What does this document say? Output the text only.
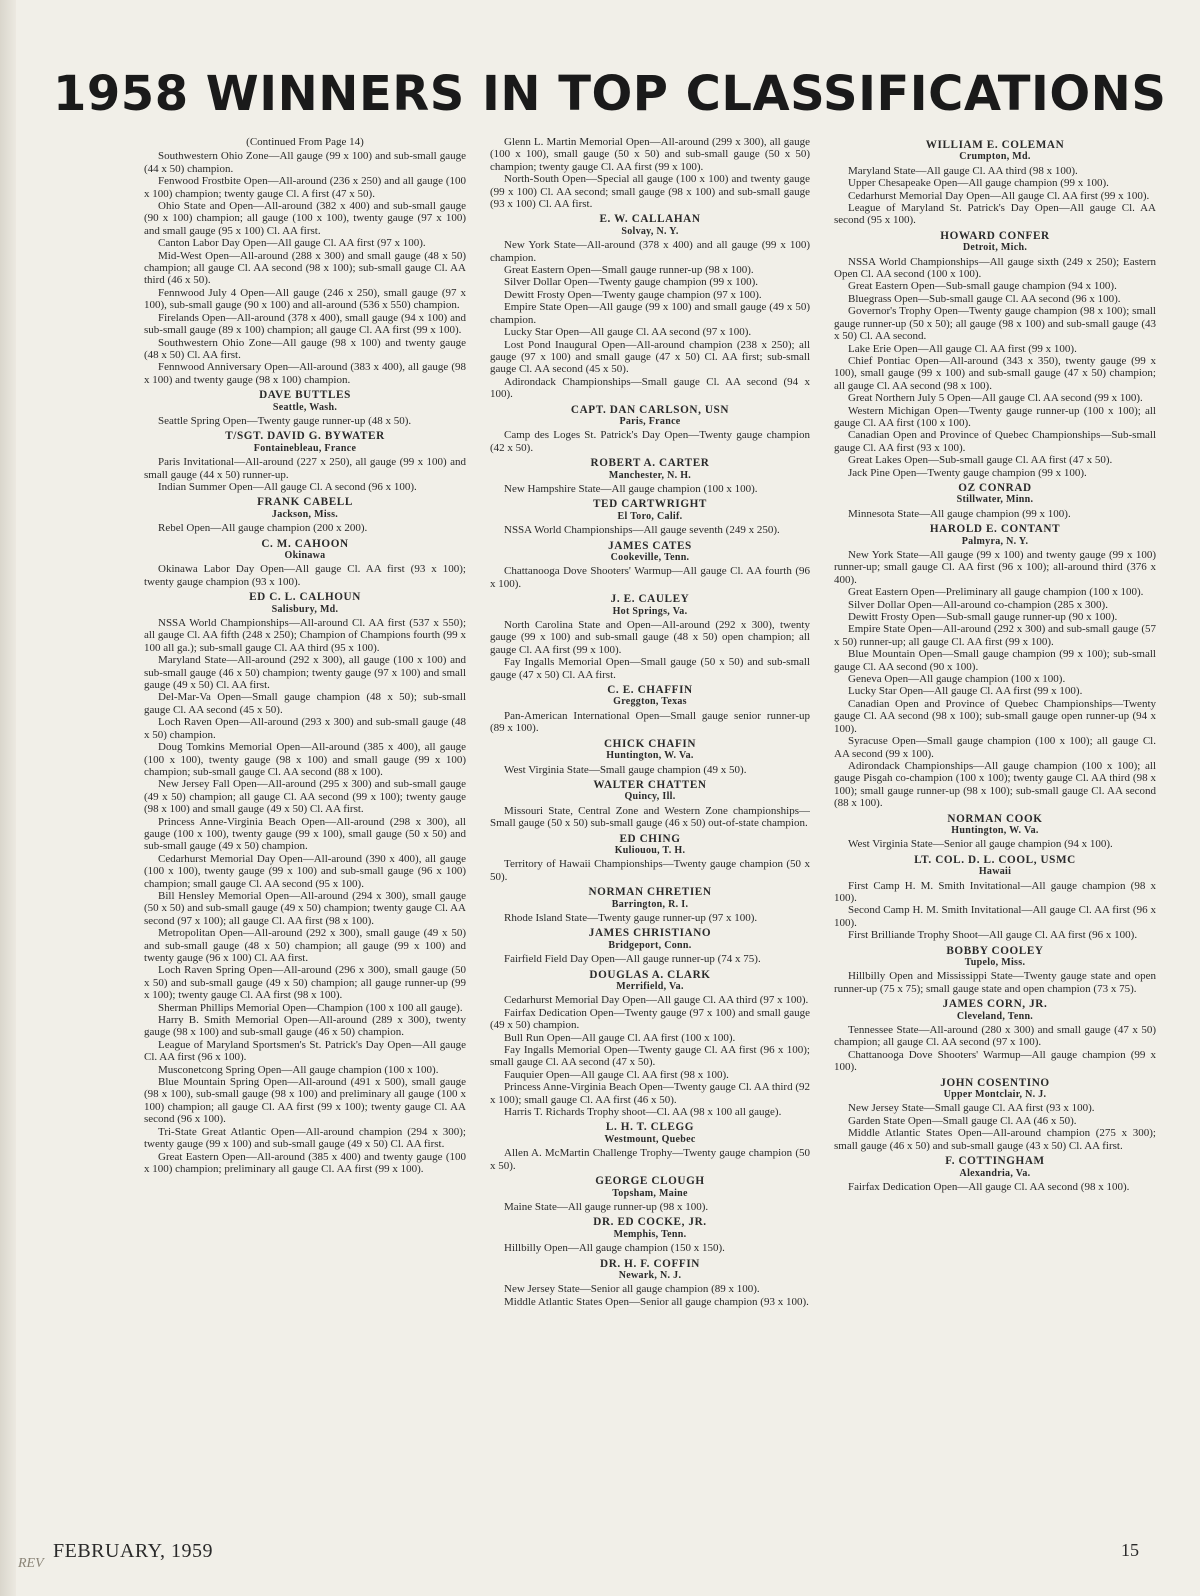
1958 WINNERS IN TOP CLASSIFICATIONS

(Continued From Page 14)

Southwestern Ohio Zone—All gauge (99 x 100) and sub-small gauge (44 x 50) champion.

Fenwood Frostbite Open—All-around (236 x 250) and all gauge (100 x 100) champion; twenty gauge Cl. A first (47 x 50).

Ohio State and Open—All-around (382 x 400) and sub-small gauge (90 x 100) champion; all gauge (100 x 100), twenty gauge (97 x 100) and small gauge (95 x 100) Cl. AA first.

Canton Labor Day Open—All gauge Cl. AA first (97 x 100).

Mid-West Open—All-around (288 x 300) and small gauge (48 x 50) champion; all gauge Cl. AA second (98 x 100); sub-small gauge Cl. AA third (46 x 50).

Fennwood July 4 Open—All gauge (246 x 250), small gauge (97 x 100), sub-small gauge (90 x 100) and all-around (536 x 550) champion.

Firelands Open—All-around (378 x 400), small gauge (94 x 100) and sub-small gauge (89 x 100) champion; all gauge Cl. AA first (99 x 100).

Southwestern Ohio Zone—All gauge (98 x 100) and twenty gauge (48 x 50) Cl. AA first.

Fennwood Anniversary Open—All-around (383 x 400), all gauge (98 x 100) and twenty gauge (98 x 100) champion.

DAVE BUTTLES

Seattle, Wash.

Seattle Spring Open—Twenty gauge runner-up (48 x 50).

T/SGT. DAVID G. BYWATER

Fontainebleau, France

Paris Invitational—All-around (227 x 250), all gauge (99 x 100) and small gauge (44 x 50) runner-up.

Indian Summer Open—All gauge Cl. A second (96 x 100).

FRANK CABELL

Jackson, Miss.

Rebel Open—All gauge champion (200 x 200).

C. M. CAHOON

Okinawa

Okinawa Labor Day Open—All gauge Cl. AA first (93 x 100); twenty gauge champion (93 x 100).

ED C. L. CALHOUN

Salisbury, Md.

NSSA World Championships—All-around Cl. AA first (537 x 550); all gauge Cl. AA fifth (248 x 250); Champion of Champions fourth (99 x 100 all ga.); sub-small gauge Cl. AA third (95 x 100).

Maryland State—All-around (292 x 300), all gauge (100 x 100) and sub-small gauge (46 x 50) champion; twenty gauge (97 x 100) and small gauge (49 x 50) Cl. AA first.

Del-Mar-Va Open—Small gauge champion (48 x 50); sub-small gauge Cl. AA second (45 x 50).

Loch Raven Open—All-around (293 x 300) and sub-small gauge (48 x 50) champion.

Doug Tomkins Memorial Open—All-around (385 x 400), all gauge (100 x 100), twenty gauge (98 x 100) and small gauge (99 x 100) champion; sub-small gauge Cl. AA second (88 x 100).

New Jersey Fall Open—All-around (295 x 300) and sub-small gauge (49 x 50) champion; all gauge Cl. AA second (99 x 100); twenty gauge (98 x 100) and small gauge (49 x 50) Cl. AA first.

Princess Anne-Virginia Beach Open—All-around (298 x 300), all gauge (100 x 100), twenty gauge (99 x 100), small gauge (50 x 50) and sub-small gauge (49 x 50) champion.

Cedarhurst Memorial Day Open—All-around (390 x 400), all gauge (100 x 100), twenty gauge (99 x 100) and sub-small gauge (96 x 100) champion; small gauge Cl. AA second (95 x 100).

Bill Hensley Memorial Open—All-around (294 x 300), small gauge (50 x 50) and sub-small gauge (49 x 50) champion; twenty gauge Cl. AA second (97 x 100); all gauge Cl. AA first (98 x 100).

Metropolitan Open—All-around (292 x 300), small gauge (49 x 50) and sub-small gauge (48 x 50) champion; all gauge (99 x 100) and twenty gauge (96 x 100) Cl. AA first.

Loch Raven Spring Open—All-around (296 x 300), small gauge (50 x 50) and sub-small gauge (49 x 50) champion; all gauge runner-up (99 x 100); twenty gauge Cl. AA first (98 x 100).

Sherman Phillips Memorial Open—Champion (100 x 100 all gauge).

Harry B. Smith Memorial Open—All-around (289 x 300), twenty gauge (98 x 100) and sub-small gauge (46 x 50) champion.

League of Maryland Sportsmen's St. Patrick's Day Open—All gauge Cl. AA first (96 x 100).

Musconetcong Spring Open—All gauge champion (100 x 100).

Blue Mountain Spring Open—All-around (491 x 500), small gauge (98 x 100), sub-small gauge (98 x 100) and preliminary all gauge (100 x 100) champion; all gauge Cl. AA first (99 x 100); twenty gauge Cl. AA second (96 x 100).

Tri-State Great Atlantic Open—All-around champion (294 x 300); twenty gauge (99 x 100) and sub-small gauge (49 x 50) Cl. AA first.

Great Eastern Open—All-around (385 x 400) and twenty gauge (100 x 100) champion; preliminary all gauge Cl. AA first (99 x 100).

Glenn L. Martin Memorial Open—All-around (299 x 300), all gauge (100 x 100), small gauge (50 x 50) and sub-small gauge (50 x 50) champion; twenty gauge Cl. AA first (99 x 100).

North-South Open—Special all gauge (100 x 100) and twenty gauge (99 x 100) Cl. AA second; small gauge (98 x 100) and sub-small gauge (93 x 100) Cl. AA first.

E. W. CALLAHAN

Solvay, N. Y.

New York State—All-around (378 x 400) and all gauge (99 x 100) champion.

Great Eastern Open—Small gauge runner-up (98 x 100).

Silver Dollar Open—Twenty gauge champion (99 x 100).

Dewitt Frosty Open—Twenty gauge champion (97 x 100).

Empire State Open—All gauge (99 x 100) and small gauge (49 x 50) champion.

Lucky Star Open—All gauge Cl. AA second (97 x 100).

Lost Pond Inaugural Open—All-around champion (238 x 250); all gauge (97 x 100) and small gauge (47 x 50) Cl. AA first; sub-small gauge Cl. AA second (45 x 50).

Adirondack Championships—Small gauge Cl. AA second (94 x 100).

CAPT. DAN CARLSON, USN

Paris, France

Camp des Loges St. Patrick's Day Open—Twenty gauge champion (42 x 50).

ROBERT A. CARTER

Manchester, N. H.

New Hampshire State—All gauge champion (100 x 100).

TED CARTWRIGHT

El Toro, Calif.

NSSA World Championships—All gauge seventh (249 x 250).

JAMES CATES

Cookeville, Tenn.

Chattanooga Dove Shooters' Warmup—All gauge Cl. AA fourth (96 x 100).

J. E. CAULEY

Hot Springs, Va.

North Carolina State and Open—All-around (292 x 300), twenty gauge (99 x 100) and sub-small gauge (48 x 50) open champion; all gauge Cl. AA first (99 x 100).

Fay Ingalls Memorial Open—Small gauge (50 x 50) and sub-small gauge (47 x 50) Cl. AA first.

C. E. CHAFFIN

Greggton, Texas

Pan-American International Open—Small gauge senior runner-up (89 x 100).

CHICK CHAFIN

Huntington, W. Va.

West Virginia State—Small gauge champion (49 x 50).

WALTER CHATTEN

Quincy, Ill.

Missouri State, Central Zone and Western Zone championships—Small gauge (50 x 50) sub-small gauge (46 x 50) out-of-state champion.

ED CHING

Kuliouou, T. H.

Territory of Hawaii Championships—Twenty gauge champion (50 x 50).

NORMAN CHRETIEN

Barrington, R. I.

Rhode Island State—Twenty gauge runner-up (97 x 100).

JAMES CHRISTIANO

Bridgeport, Conn.

Fairfield Field Day Open—All gauge runner-up (74 x 75).

DOUGLAS A. CLARK

Merrifield, Va.

Cedarhurst Memorial Day Open—All gauge Cl. AA third (97 x 100).

Fairfax Dedication Open—Twenty gauge (97 x 100) and small gauge (49 x 50) champion.

Bull Run Open—All gauge Cl. AA first (100 x 100).

Fay Ingalls Memorial Open—Twenty gauge Cl. AA first (96 x 100); small gauge Cl. AA second (47 x 50).

Fauquier Open—All gauge Cl. AA first (98 x 100).

Princess Anne-Virginia Beach Open—Twenty gauge Cl. AA third (92 x 100); small gauge Cl. AA first (46 x 50).

Harris T. Richards Trophy shoot—Cl. AA (98 x 100 all gauge).

L. H. T. CLEGG

Westmount, Quebec

Allen A. McMartin Challenge Trophy—Twenty gauge champion (50 x 50).

GEORGE CLOUGH

Topsham, Maine

Maine State—All gauge runner-up (98 x 100).

DR. ED COCKE, JR.

Memphis, Tenn.

Hillbilly Open—All gauge champion (150 x 150).

DR. H. F. COFFIN

Newark, N. J.

New Jersey State—Senior all gauge champion (89 x 100).

Middle Atlantic States Open—Senior all gauge champion (93 x 100).

WILLIAM E. COLEMAN

Crumpton, Md.

Maryland State—All gauge Cl. AA third (98 x 100).

Upper Chesapeake Open—All gauge champion (99 x 100).

Cedarhurst Memorial Day Open—All gauge Cl. AA first (99 x 100).

League of Maryland St. Patrick's Day Open—All gauge Cl. AA second (95 x 100).

HOWARD CONFER

Detroit, Mich.

NSSA World Championships—All gauge sixth (249 x 250); Eastern Open Cl. AA second (100 x 100).

Great Eastern Open—Sub-small gauge champion (94 x 100).

Bluegrass Open—Sub-small gauge Cl. AA second (96 x 100).

Governor's Trophy Open—Twenty gauge champion (98 x 100); small gauge runner-up (50 x 50); all gauge (98 x 100) and sub-small gauge (43 x 50) Cl. AA second.

Lake Erie Open—All gauge Cl. AA first (99 x 100).

Chief Pontiac Open—All-around (343 x 350), twenty gauge (99 x 100), small gauge (99 x 100) and sub-small gauge (47 x 50) champion; all gauge Cl. AA second (98 x 100).

Great Northern July 5 Open—All gauge Cl. AA second (99 x 100).

Western Michigan Open—Twenty gauge runner-up (100 x 100); all gauge Cl. AA first (100 x 100).

Canadian Open and Province of Quebec Championships—Sub-small gauge Cl. AA first (93 x 100).

Great Lakes Open—Sub-small gauge Cl. AA first (47 x 50).

Jack Pine Open—Twenty gauge champion (99 x 100).

OZ CONRAD

Stillwater, Minn.

Minnesota State—All gauge champion (99 x 100).

HAROLD E. CONTANT

Palmyra, N. Y.

New York State—All gauge (99 x 100) and twenty gauge (99 x 100) runner-up; small gauge Cl. AA first (96 x 100); all-around third (376 x 400).

Great Eastern Open—Preliminary all gauge champion (100 x 100).

Silver Dollar Open—All-around co-champion (285 x 300).

Dewitt Frosty Open—Sub-small gauge runner-up (90 x 100).

Empire State Open—All-around (292 x 300) and sub-small gauge (57 x 50) runner-up; all gauge Cl. AA first (99 x 100).

Blue Mountain Open—Small gauge champion (99 x 100); sub-small gauge Cl. AA second (90 x 100).

Geneva Open—All gauge champion (100 x 100).

Lucky Star Open—All gauge Cl. AA first (99 x 100).

Canadian Open and Province of Quebec Championships—Twenty gauge Cl. AA second (98 x 100); sub-small gauge open runner-up (94 x 100).

Syracuse Open—Small gauge champion (100 x 100); all gauge Cl. AA second (99 x 100).

Adirondack Championships—All gauge champion (100 x 100); all gauge Pisgah co-champion (100 x 100); twenty gauge Cl. AA third (98 x 100); small gauge runner-up (98 x 100); sub-small gauge Cl. AA second (88 x 100).

NORMAN COOK

Huntington, W. Va.

West Virginia State—Senior all gauge champion (94 x 100).

LT. COL. D. L. COOL, USMC

Hawaii

First Camp H. M. Smith Invitational—All gauge champion (98 x 100).

Second Camp H. M. Smith Invitational—All gauge Cl. AA first (96 x 100).

First Brilliande Trophy Shoot—All gauge Cl. AA first (96 x 100).

BOBBY COOLEY

Tupelo, Miss.

Hillbilly Open and Mississippi State—Twenty gauge state and open runner-up (75 x 75); small gauge state and open champion (73 x 75).

JAMES CORN, JR.

Cleveland, Tenn.

Tennessee State—All-around (280 x 300) and small gauge (47 x 50) champion; all gauge Cl. AA second (97 x 100).

Chattanooga Dove Shooters' Warmup—All gauge champion (99 x 100).

JOHN COSENTINO

Upper Montclair, N. J.

New Jersey State—Small gauge Cl. AA first (93 x 100).

Garden State Open—Small gauge Cl. AA (46 x 50).

Middle Atlantic States Open—All-around champion (275 x 300); small gauge (46 x 50) and sub-small gauge (43 x 50) Cl. AA first.

F. COTTINGHAM

Alexandria, Va.

Fairfax Dedication Open—All gauge Cl. AA second (98 x 100).

FEBRUARY, 1959	15
REV
